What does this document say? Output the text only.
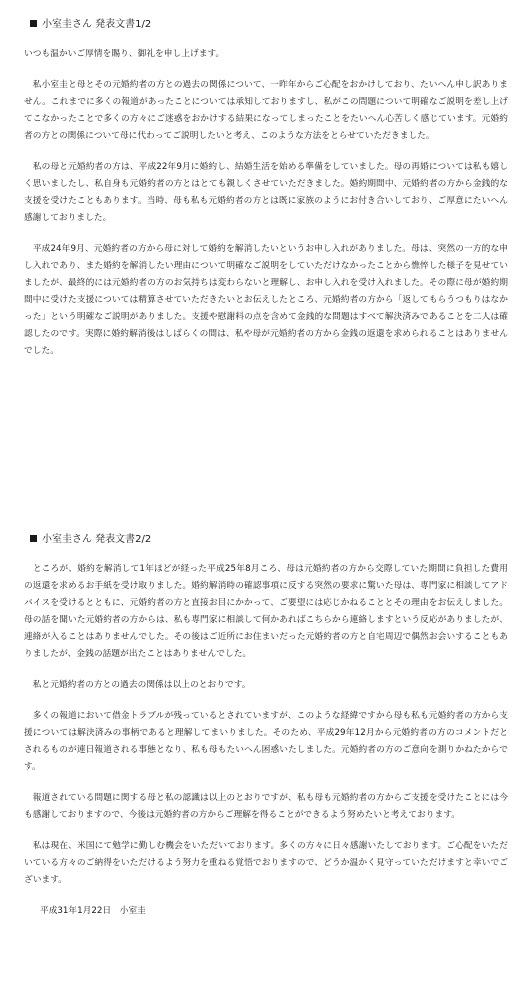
小室圭さん 発表文書1/2

いつも温かいご厚情を賜り、御礼を申し上げます。

　私小室圭と母とその元婚約者の方との過去の関係について、一昨年からご心配をおかけしており、たいへん申し訳ありません。これまでに多くの報道があったことについては承知しておりますし、私がこの問題について明確なご説明を差し上げてこなかったことで多くの方々にご迷惑をおかけする結果になってしまったことをたいへん心苦しく感じています。元婚約者の方との関係について母に代わってご説明したいと考え、このような方法をとらせていただきました。

　私の母と元婚約者の方は、平成22年9月に婚約し、結婚生活を始める準備をしていました。母の再婚については私も嬉しく思いましたし、私自身も元婚約者の方とはとても親しくさせていただきました。婚約期間中、元婚約者の方から金銭的な支援を受けたこともあります。当時、母も私も元婚約者の方とは既に家族のようにお付き合いしており、ご厚意にたいへん感謝しておりました。

　平成24年9月、元婚約者の方から母に対して婚約を解消したいというお申し入れがありました。母は、突然の一方的な申し入れであり、また婚約を解消したい理由について明確なご説明をしていただけなかったことから憔悴した様子を見せていましたが、最終的には元婚約者の方のお気持ちは変わらないと理解し、お申し入れを受け入れました。その際に母が婚約期間中に受けた支援については精算させていただきたいとお伝えしたところ、元婚約者の方から「返してもらうつもりはなかった」という明確なご説明がありました。支援や慰謝料の点を含めて金銭的な問題はすべて解決済みであることを二人は確認したのです。実際に婚約解消後はしばらくの間は、私や母が元婚約者の方から金銭の返還を求められることはありませんでした。

小室圭さん 発表文書2/2

　ところが、婚約を解消して1年ほどが経った平成25年8月ころ、母は元婚約者の方から交際していた期間に負担した費用の返還を求めるお手紙を受け取りました。婚約解消時の確認事項に反する突然の要求に驚いた母は、専門家に相談してアドバイスを受けるとともに、元婚約者の方と直接お目にかかって、ご要望には応じかねることとその理由をお伝えしました。母の話を聞いた元婚約者の方からは、私も専門家に相談して何かあればこちらから連絡しますという反応がありましたが、連絡が入ることはありませんでした。その後はご近所にお住まいだった元婚約者の方と自宅周辺で偶然お会いすることもありましたが、金銭の話題が出たことはありませんでした。

　私と元婚約者の方との過去の関係は以上のとおりです。

　多くの報道において借金トラブルが残っているとされていますが、このような経緯ですから母も私も元婚約者の方から支援については解決済みの事柄であると理解してまいりました。そのため、平成29年12月から元婚約者の方のコメントだとされるものが連日報道される事態となり、私も母もたいへん困惑いたしました。元婚約者の方のご意向を測りかねたからです。

　報道されている問題に関する母と私の認識は以上のとおりですが、私も母も元婚約者の方からご支援を受けたことには今も感謝しておりますので、今後は元婚約者の方からご理解を得ることができるよう努めたいと考えております。

　私は現在、米国にて勉学に勤しむ機会をいただいております。多くの方々に日々感謝いたしております。ご心配をいただいている方々のご納得をいただけるよう努力を重ねる覚悟でおりますので、どうか温かく見守っていただけますと幸いでございます。

平成31年1月22日　小室圭
